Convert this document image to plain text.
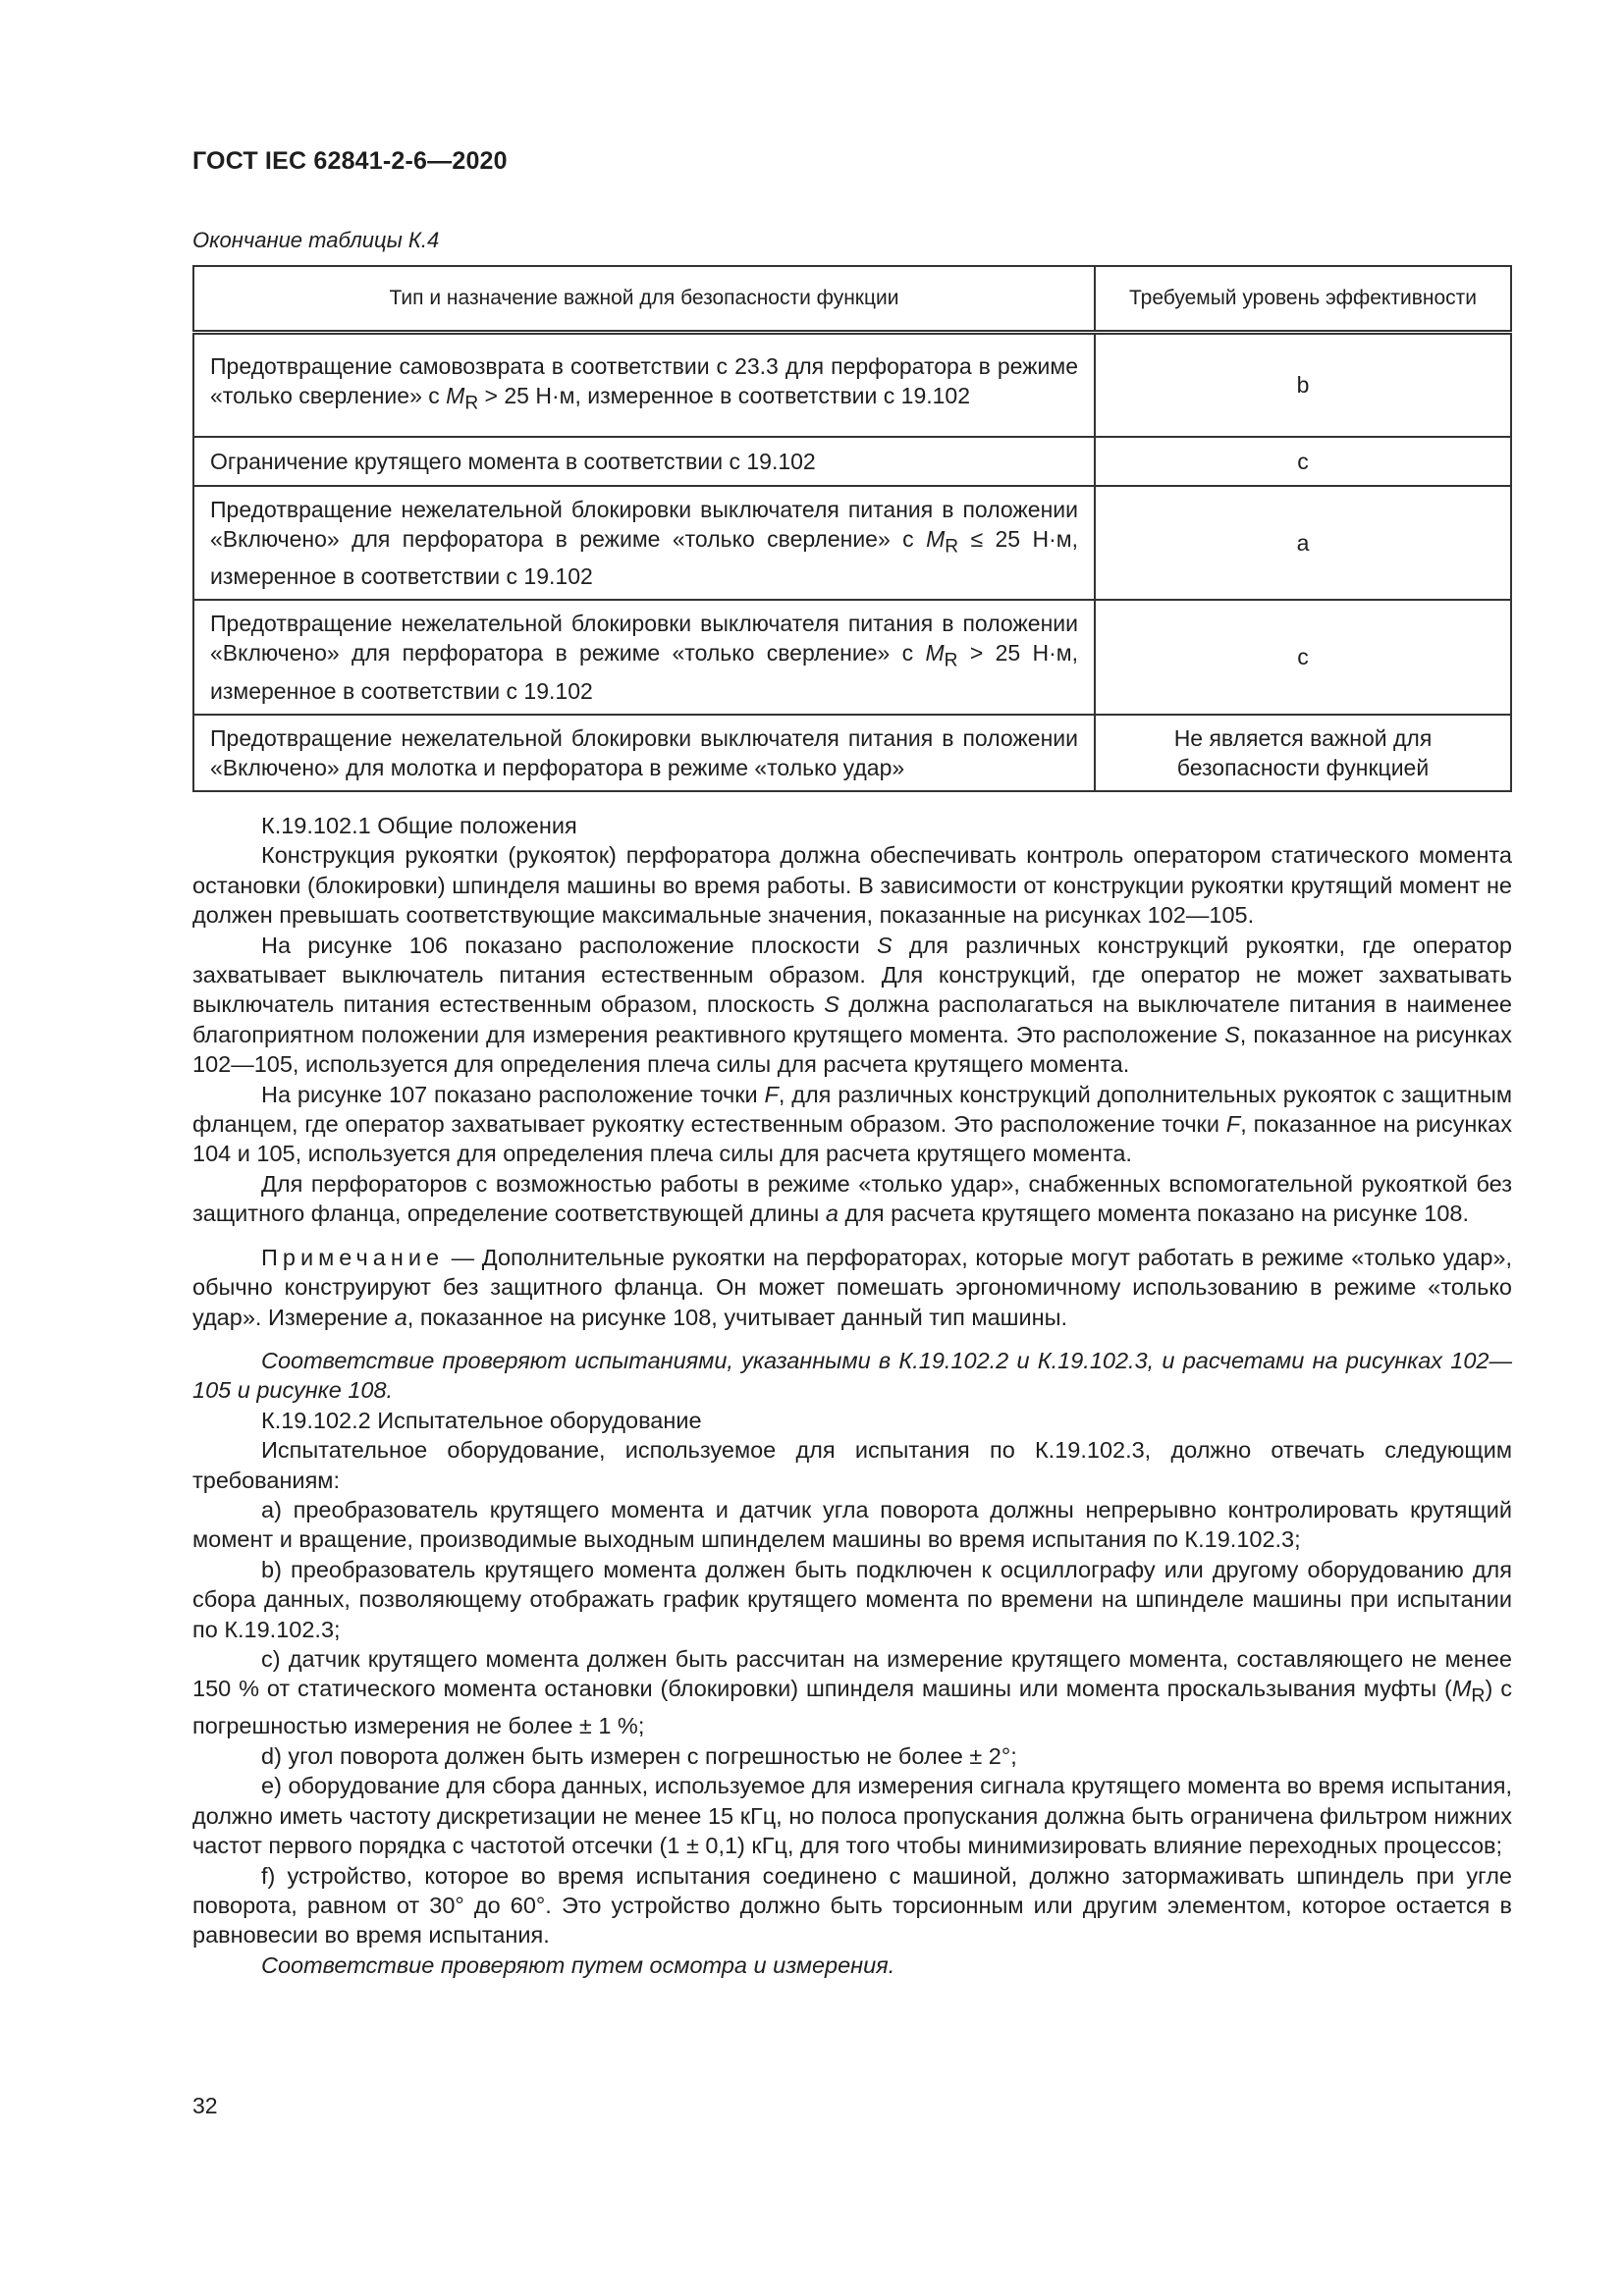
ГОСТ IEC 62841-2-6—2020
Окончание таблицы К.4
Тип и назначение важной для безопасности функции	Требуемый уровень эффективности
Предотвращение самовозврата в соответствии с 23.3 для перфоратора в режиме «только сверление» с $M_R > 25$ Н·м, измеренное в соответствии с 19.102	b
Ограничение крутящего момента в соответствии с 19.102	c
Предотвращение нежелательной блокировки выключателя питания в положении «Включено» для перфоратора в режиме «только сверление» с $M_R \le 25$ Н·м, измеренное в соответствии с 19.102	a
Предотвращение нежелательной блокировки выключателя питания в положении «Включено» для перфоратора в режиме «только сверление» с $M_R > 25$ Н·м, измеренное в соответствии с 19.102	c
Предотвращение нежелательной блокировки выключателя питания в положении «Включено» для молотка и перфоратора в режиме «только удар»	Не является важной для безопасности функцией

К.19.102.1 Общие положения

Конструкция рукоятки (рукояток) перфоратора должна обеспечивать контроль оператором статического момента остановки (блокировки) шпинделя машины во время работы. В зависимости от конструкции рукоятки крутящий момент не должен превышать соответствующие максимальные значения, показанные на рисунках 102—105.

На рисунке 106 показано расположение плоскости S для различных конструкций рукоятки, где оператор захватывает выключатель питания естественным образом. Для конструкций, где оператор не может захватывать выключатель питания естественным образом, плоскость S должна располагаться на выключателе питания в наименее благоприятном положении для измерения реактивного крутящего момента. Это расположение S, показанное на рисунках 102—105, используется для определения плеча силы для расчета крутящего момента.

На рисунке 107 показано расположение точки F, для различных конструкций дополнительных рукояток с защитным фланцем, где оператор захватывает рукоятку естественным образом. Это расположение точки F, показанное на рисунках 104 и 105, используется для определения плеча силы для расчета крутящего момента.

Для перфораторов с возможностью работы в режиме «только удар», снабженных вспомогательной рукояткой без защитного фланца, определение соответствующей длины a для расчета крутящего момента показано на рисунке 108.

Примечание — Дополнительные рукоятки на перфораторах, которые могут работать в режиме «только удар», обычно конструируют без защитного фланца. Он может помешать эргономичному использованию в режиме «только удар». Измерение а, показанное на рисунке 108, учитывает данный тип машины.

Соответствие проверяют испытаниями, указанными в К.19.102.2 и К.19.102.3, и расчетами на рисунках 102—105 и рисунке 108.

К.19.102.2 Испытательное оборудование

Испытательное оборудование, используемое для испытания по К.19.102.3, должно отвечать следующим требованиям:

a) преобразователь крутящего момента и датчик угла поворота должны непрерывно контролировать крутящий момент и вращение, производимые выходным шпинделем машины во время испытания по К.19.102.3;

b) преобразователь крутящего момента должен быть подключен к осциллографу или другому оборудованию для сбора данных, позволяющему отображать график крутящего момента по времени на шпинделе машины при испытании по К.19.102.3;

c) датчик крутящего момента должен быть рассчитан на измерение крутящего момента, составляющего не менее 150 % от статического момента остановки (блокировки) шпинделя машины или момента проскальзывания муфты $(M_R)$ с погрешностью измерения не более ± 1 %;

d) угол поворота должен быть измерен с погрешностью не более ± 2°;

e) оборудование для сбора данных, используемое для измерения сигнала крутящего момента во время испытания, должно иметь частоту дискретизации не менее 15 кГц, но полоса пропускания должна быть ограничена фильтром нижних частот первого порядка с частотой отсечки (1 ± 0,1) кГц, для того чтобы минимизировать влияние переходных процессов;

f) устройство, которое во время испытания соединено с машиной, должно затормаживать шпиндель при угле поворота, равном от 30° до 60°. Это устройство должно быть торсионным или другим элементом, которое остается в равновесии во время испытания.

Соответствие проверяют путем осмотра и измерения.

32
